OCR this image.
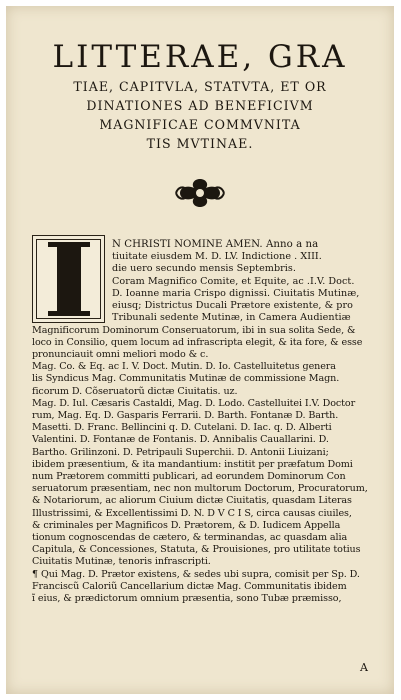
LITTERAE, GRA
TIAE, CAPITVLA, STATVTA, ET OR
DINATIONES AD BENEFICIVM
MAGNIFICAE COMMVNITA
TIS MVTINAE.
N CHRISTI NOMINE AMEN. Anno a na
tiuitate eiusdem M. D. LV. Indictione . XIII.
die uero secundo mensis Septembris.
Coram Magnifico Comite, et Equite, ac .I.V. Doct.
D. Ioanne maria Crispo dignissi. Ciuitatis Mutinæ,
eiusq; Districtus Ducali Prætore existente, & pro
Tribunali sedente Mutinæ, in Camera Audientiæ
Magnificorum Dominorum Conseruatorum, ibi in sua solita Sede, &
loco in Consilio, quem locum ad infrascripta elegit, & ita fore, & esse
pronunciauit omni meliori modo & c.
Mag. Co. & Eq. ac I. V. Doct. Mutin. D. Io. Castelluitetus genera
lis Syndicus Mag. Communitatis Mutinæ de commissione Magn.
ficorum D. Cõseruatorũ dictæ Ciuitatis. uz.
Mag. D. Iul. Cæsaris Castaldi, Mag. D. Lodo. Castelluitei I.V. Doctor
rum, Mag. Eq. D. Gasparis Ferrarii. D. Barth. Fontanæ D. Barth.
Masetti. D. Franc. Bellincini q. D. Cutelani. D. Iac. q. D. Alberti
Valentini. D. Fontanæ de Fontanis. D. Annibalis Cauallarini. D.
Bartho. Grilinzoni. D. Petripauli Superchii. D. Antonii Liuizani;
ibidem præsentium, & ita mandantium: institit per præfatum Domi
num Prætorem committi publicari, ad eorundem Dominorum Con
seruatorum præsentiam, nec non multorum Doctorum, Procuratorum,
& Notariorum, ac aliorum Ciuium dictæ Ciuitatis, quasdam Literas
Illustrissimi, & Excellentissimi D. N. D V C I S, circa causas ciuiles,
& criminales per Magnificos D. Prætorem, & D. Iudicem Appella
tionum cognoscendas de cætero, & terminandas, ac quasdam alia
Capitula, & Concessiones, Statuta, & Prouisiones, pro utilitate totius
Ciuitatis Mutinæ, tenoris infrascripti.
¶ Qui Mag. D. Prætor existens, & sedes ubi supra, comisit per Sp. D.
Franciscũ Caloriũ Cancellarium dictæ Mag. Communitatis ibidem
ĩ eius, & prædictorum omnium præsentia, sono Tubæ præmisso,
A
